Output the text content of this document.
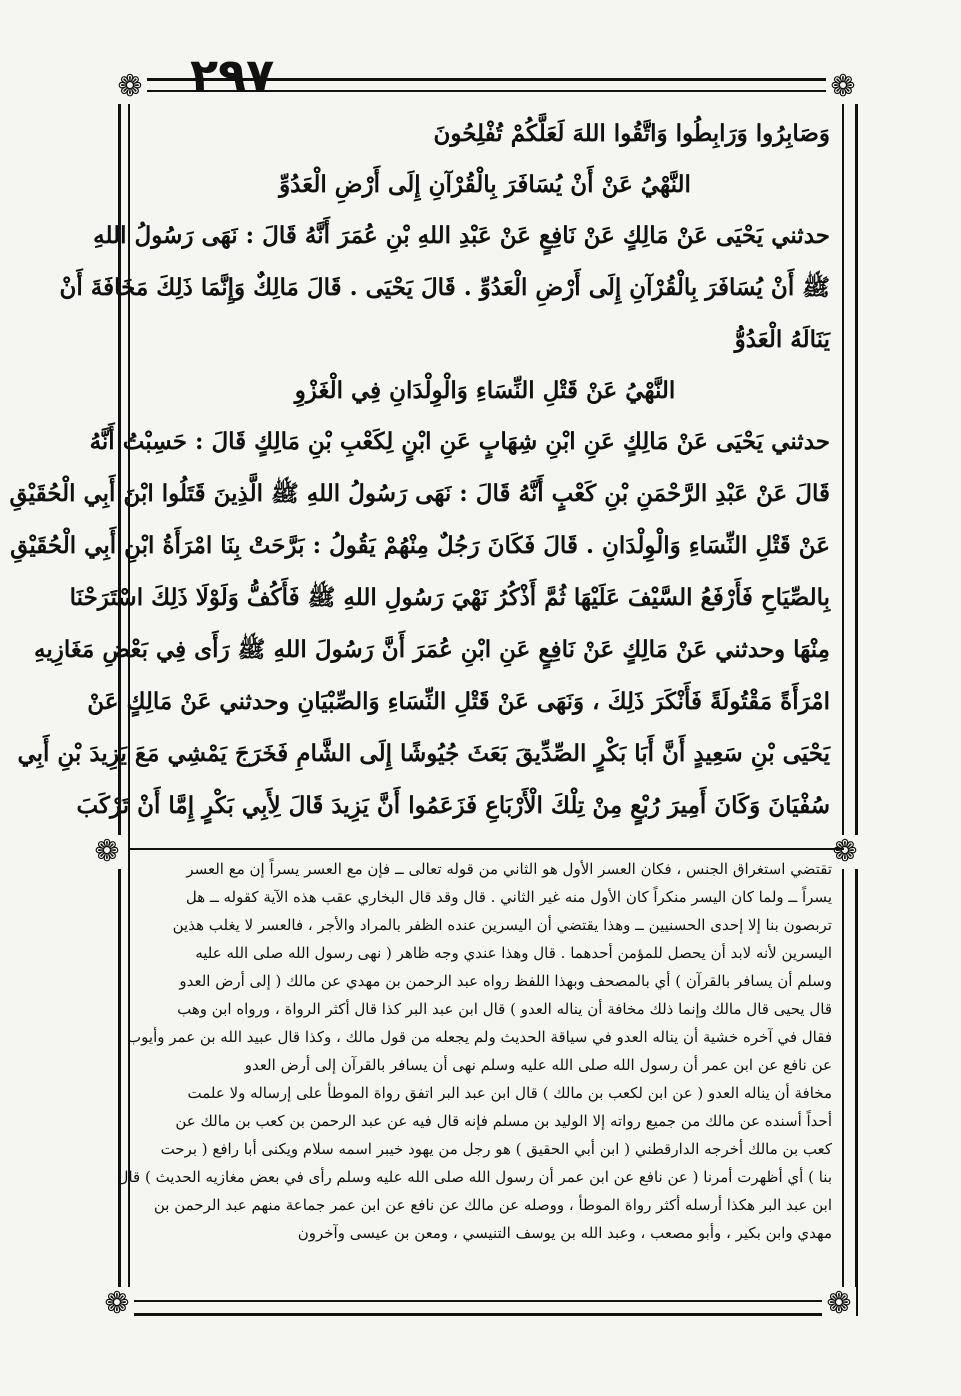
٢٩٧
❁	❁
❁	❁
❁	❁
وَصَابِرُوا وَرَابِطُوا وَاتَّقُوا اللهَ لَعَلَّكُمْ تُفْلِحُونَ
النَّهْيُ عَنْ أَنْ يُسَافَرَ بِالْقُرْآنِ إِلَى أَرْضِ الْعَدُوِّ
حدثني يَحْيَى عَنْ مَالِكٍ عَنْ نَافِعٍ عَنْ عَبْدِ اللهِ بْنِ عُمَرَ أَنَّهُ قَالَ : نَهَى رَسُولُ اللهِ
ﷺ أَنْ يُسَافَرَ بِالْقُرْآنِ إِلَى أَرْضِ الْعَدُوِّ . قَالَ يَحْيَى . قَالَ مَالِكٌ وَإِنَّمَا ذَلِكَ مَخَافَةَ أَنْ
يَنَالَهُ الْعَدُوُّ
النَّهْيُ عَنْ قَتْلِ النِّسَاءِ وَالْوِلْدَانِ فِي الْغَزْوِ
حدثني يَحْيَى عَنْ مَالِكٍ عَنِ ابْنِ شِهَابٍ عَنِ ابْنٍ لِكَعْبِ بْنِ مَالِكٍ قَالَ : حَسِبْتُ أَنَّهُ
قَالَ عَنْ عَبْدِ الرَّحْمَنِ بْنِ كَعْبٍ أَنَّهُ قَالَ : نَهَى رَسُولُ اللهِ ﷺ الَّذِينَ قَتَلُوا ابْنَ أَبِي الْحُقَيْقِ
عَنْ قَتْلِ النِّسَاءِ وَالْوِلْدَانِ . قَالَ فَكَانَ رَجُلٌ مِنْهُمْ يَقُولُ : بَرَّحَتْ بِنَا امْرَأَةُ ابْنِ أَبِي الْحُقَيْقِ
بِالصِّيَاحِ فَأَرْفَعُ السَّيْفَ عَلَيْهَا ثُمَّ أَذْكُرُ نَهْيَ رَسُولِ اللهِ ﷺ فَأَكُفُّ وَلَوْلَا ذَلِكَ اسْتَرَحْنَا
مِنْهَا وحدثني عَنْ مَالِكٍ عَنْ نَافِعٍ عَنِ ابْنِ عُمَرَ أَنَّ رَسُولَ اللهِ ﷺ رَأَى فِي بَعْضِ مَغَازِيهِ
امْرَأَةً مَقْتُولَةً فَأَنْكَرَ ذَلِكَ ، وَنَهَى عَنْ قَتْلِ النِّسَاءِ وَالصِّبْيَانِ وحدثني عَنْ مَالِكٍ عَنْ
يَحْيَى بْنِ سَعِيدٍ أَنَّ أَبَا بَكْرٍ الصِّدِّيقَ بَعَثَ جُيُوشًا إِلَى الشَّامِ فَخَرَجَ يَمْشِي مَعَ يَزِيدَ بْنِ أَبِي
سُفْيَانَ وَكَانَ أَمِيرَ رُبْعٍ مِنْ تِلْكَ الْأَرْبَاعِ فَزَعَمُوا أَنَّ يَزِيدَ قَالَ لِأَبِي بَكْرٍ إِمَّا أَنْ تَرْكَبَ
تقتضي استغراق الجنس ، فكان العسر الأول هو الثاني من قوله تعالى ــ فإن مع العسر يسراً إن مع العسر
يسراً ــ ولما كان اليسر منكراً كان الأول منه غير الثاني . قال وقد قال البخاري عقب هذه الآية كقوله ــ هل
تربصون بنا إلا إحدى الحسنيين ــ وهذا يقتضي أن اليسرين عنده الظفر بالمراد والأجر ، فالعسر لا يغلب هذين
اليسرين لأنه لابد أن يحصل للمؤمن أحدهما . قال وهذا عندي وجه ظاهر ( نهى رسول الله صلى الله عليه
وسلم أن يسافر بالقرآن ) أي بالمصحف وبهذا اللفظ رواه عبد الرحمن بن مهدي عن مالك ( إلى أرض العدو
قال يحيى قال مالك وإنما ذلك مخافة أن يناله العدو ) قال ابن عبد البر كذا قال أكثر الرواة ، ورواه ابن وهب
فقال في آخره خشية أن يناله العدو في سياقة الحديث ولم يجعله من قول مالك ، وكذا قال عبيد الله بن عمر وأيوب
عن نافع عن ابن عمر أن رسول الله صلى الله عليه وسلم نهى أن يسافر بالقرآن إلى أرض العدو
مخافة أن يناله العدو ( عن ابن لكعب بن مالك ) قال ابن عبد البر اتفق رواة الموطأ على إرساله ولا علمت
أحداً أسنده عن مالك من جميع رواته إلا الوليد بن مسلم فإنه قال فيه عن عبد الرحمن بن كعب بن مالك عن
كعب بن مالك أخرجه الدارقطني ( ابن أبي الحقيق ) هو رجل من يهود خيبر اسمه سلام ويكنى أبا رافع ( برحت
بنا ) أي أظهرت أمرنا ( عن نافع عن ابن عمر أن رسول الله صلى الله عليه وسلم رأى في بعض مغازيه الحديث ) قال
ابن عبد البر هكذا أرسله أكثر رواة الموطأ ، ووصله عن مالك عن نافع عن ابن عمر جماعة منهم عبد الرحمن بن
مهدي وابن بكير ، وأبو مصعب ، وعبد الله بن يوسف التنيسي ، ومعن بن عيسى وآخرون
